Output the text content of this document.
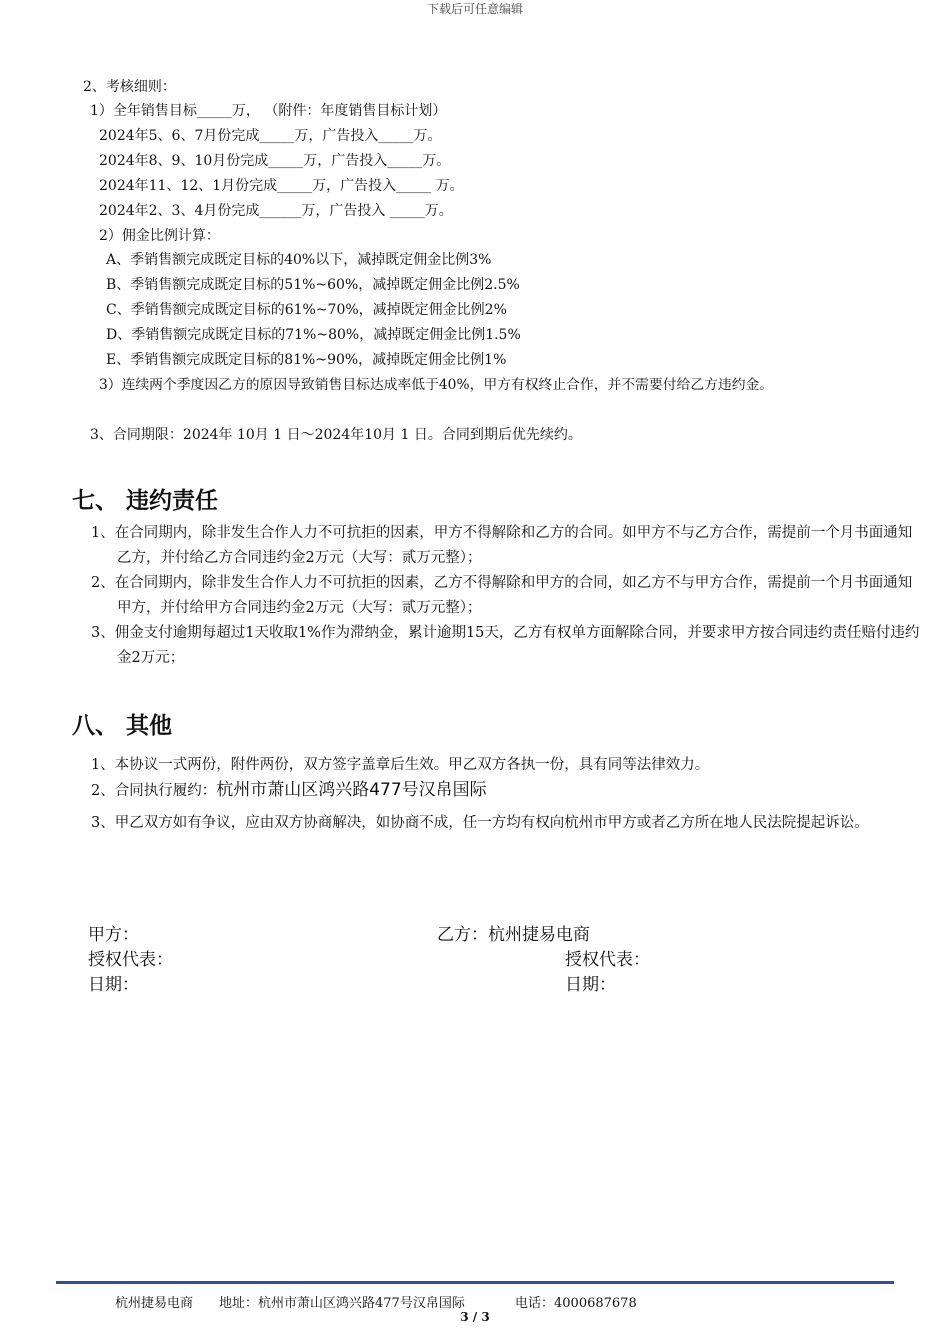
下载后可任意编辑
2、考核细则：
1）全年销售目标_____万， （附件：年度销售目标计划）
2024年5、6、7月份完成_____万，广告投入_____万。
2024年8、9、10月份完成_____万，广告投入_____万。
2024年11、12、1月份完成_____万，广告投入_____ 万。
2024年2、3、4月份完成______万，广告投入 _____万。
2）佣金比例计算：
A、季销售额完成既定目标的40%以下，减掉既定佣金比例3%
B、季销售额完成既定目标的51%~60%，减掉既定佣金比例2.5%
C、季销售额完成既定目标的61%~70%，减掉既定佣金比例2%
D、季销售额完成既定目标的71%~80%，减掉既定佣金比例1.5%
E、季销售额完成既定目标的81%~90%，减掉既定佣金比例1%
3）连续两个季度因乙方的原因导致销售目标达成率低于40%，甲方有权终止合作，并不需要付给乙方违约金。
3、合同期限：2024年 10月 1 日～2024年10月 1 日。合同到期后优先续约。
七、 违约责任
1、在合同期内，除非发生合作人力不可抗拒的因素，甲方不得解除和乙方的合同。如甲方不与乙方合作，需提前一个月书面通知乙方，并付给乙方合同违约金2万元（大写：贰万元整）；
2、在合同期内，除非发生合作人力不可抗拒的因素，乙方不得解除和甲方的合同，如乙方不与甲方合作，需提前一个月书面通知甲方，并付给甲方合同违约金2万元（大写：贰万元整）；
3、佣金支付逾期每超过1天收取1%作为滞纳金，累计逾期15天，乙方有权单方面解除合同，并要求甲方按合同违约责任赔付违约金2万元；
八、 其他
1、本协议一式两份，附件两份，双方签字盖章后生效。甲乙双方各执一份，具有同等法律效力。
2、合同执行履约：杭州市萧山区鸿兴路477号汉帛国际
3、甲乙双方如有争议，应由双方协商解决，如协商不成，任一方均有权向杭州市甲方或者乙方所在地人民法院提起诉讼。
甲方：	乙方：杭州捷易电商
授权代表：	授权代表：
日期：	日期：
杭州捷易电商 地址：杭州市萧山区鸿兴路477号汉帛国际	电话：4000687678
3 / 3
